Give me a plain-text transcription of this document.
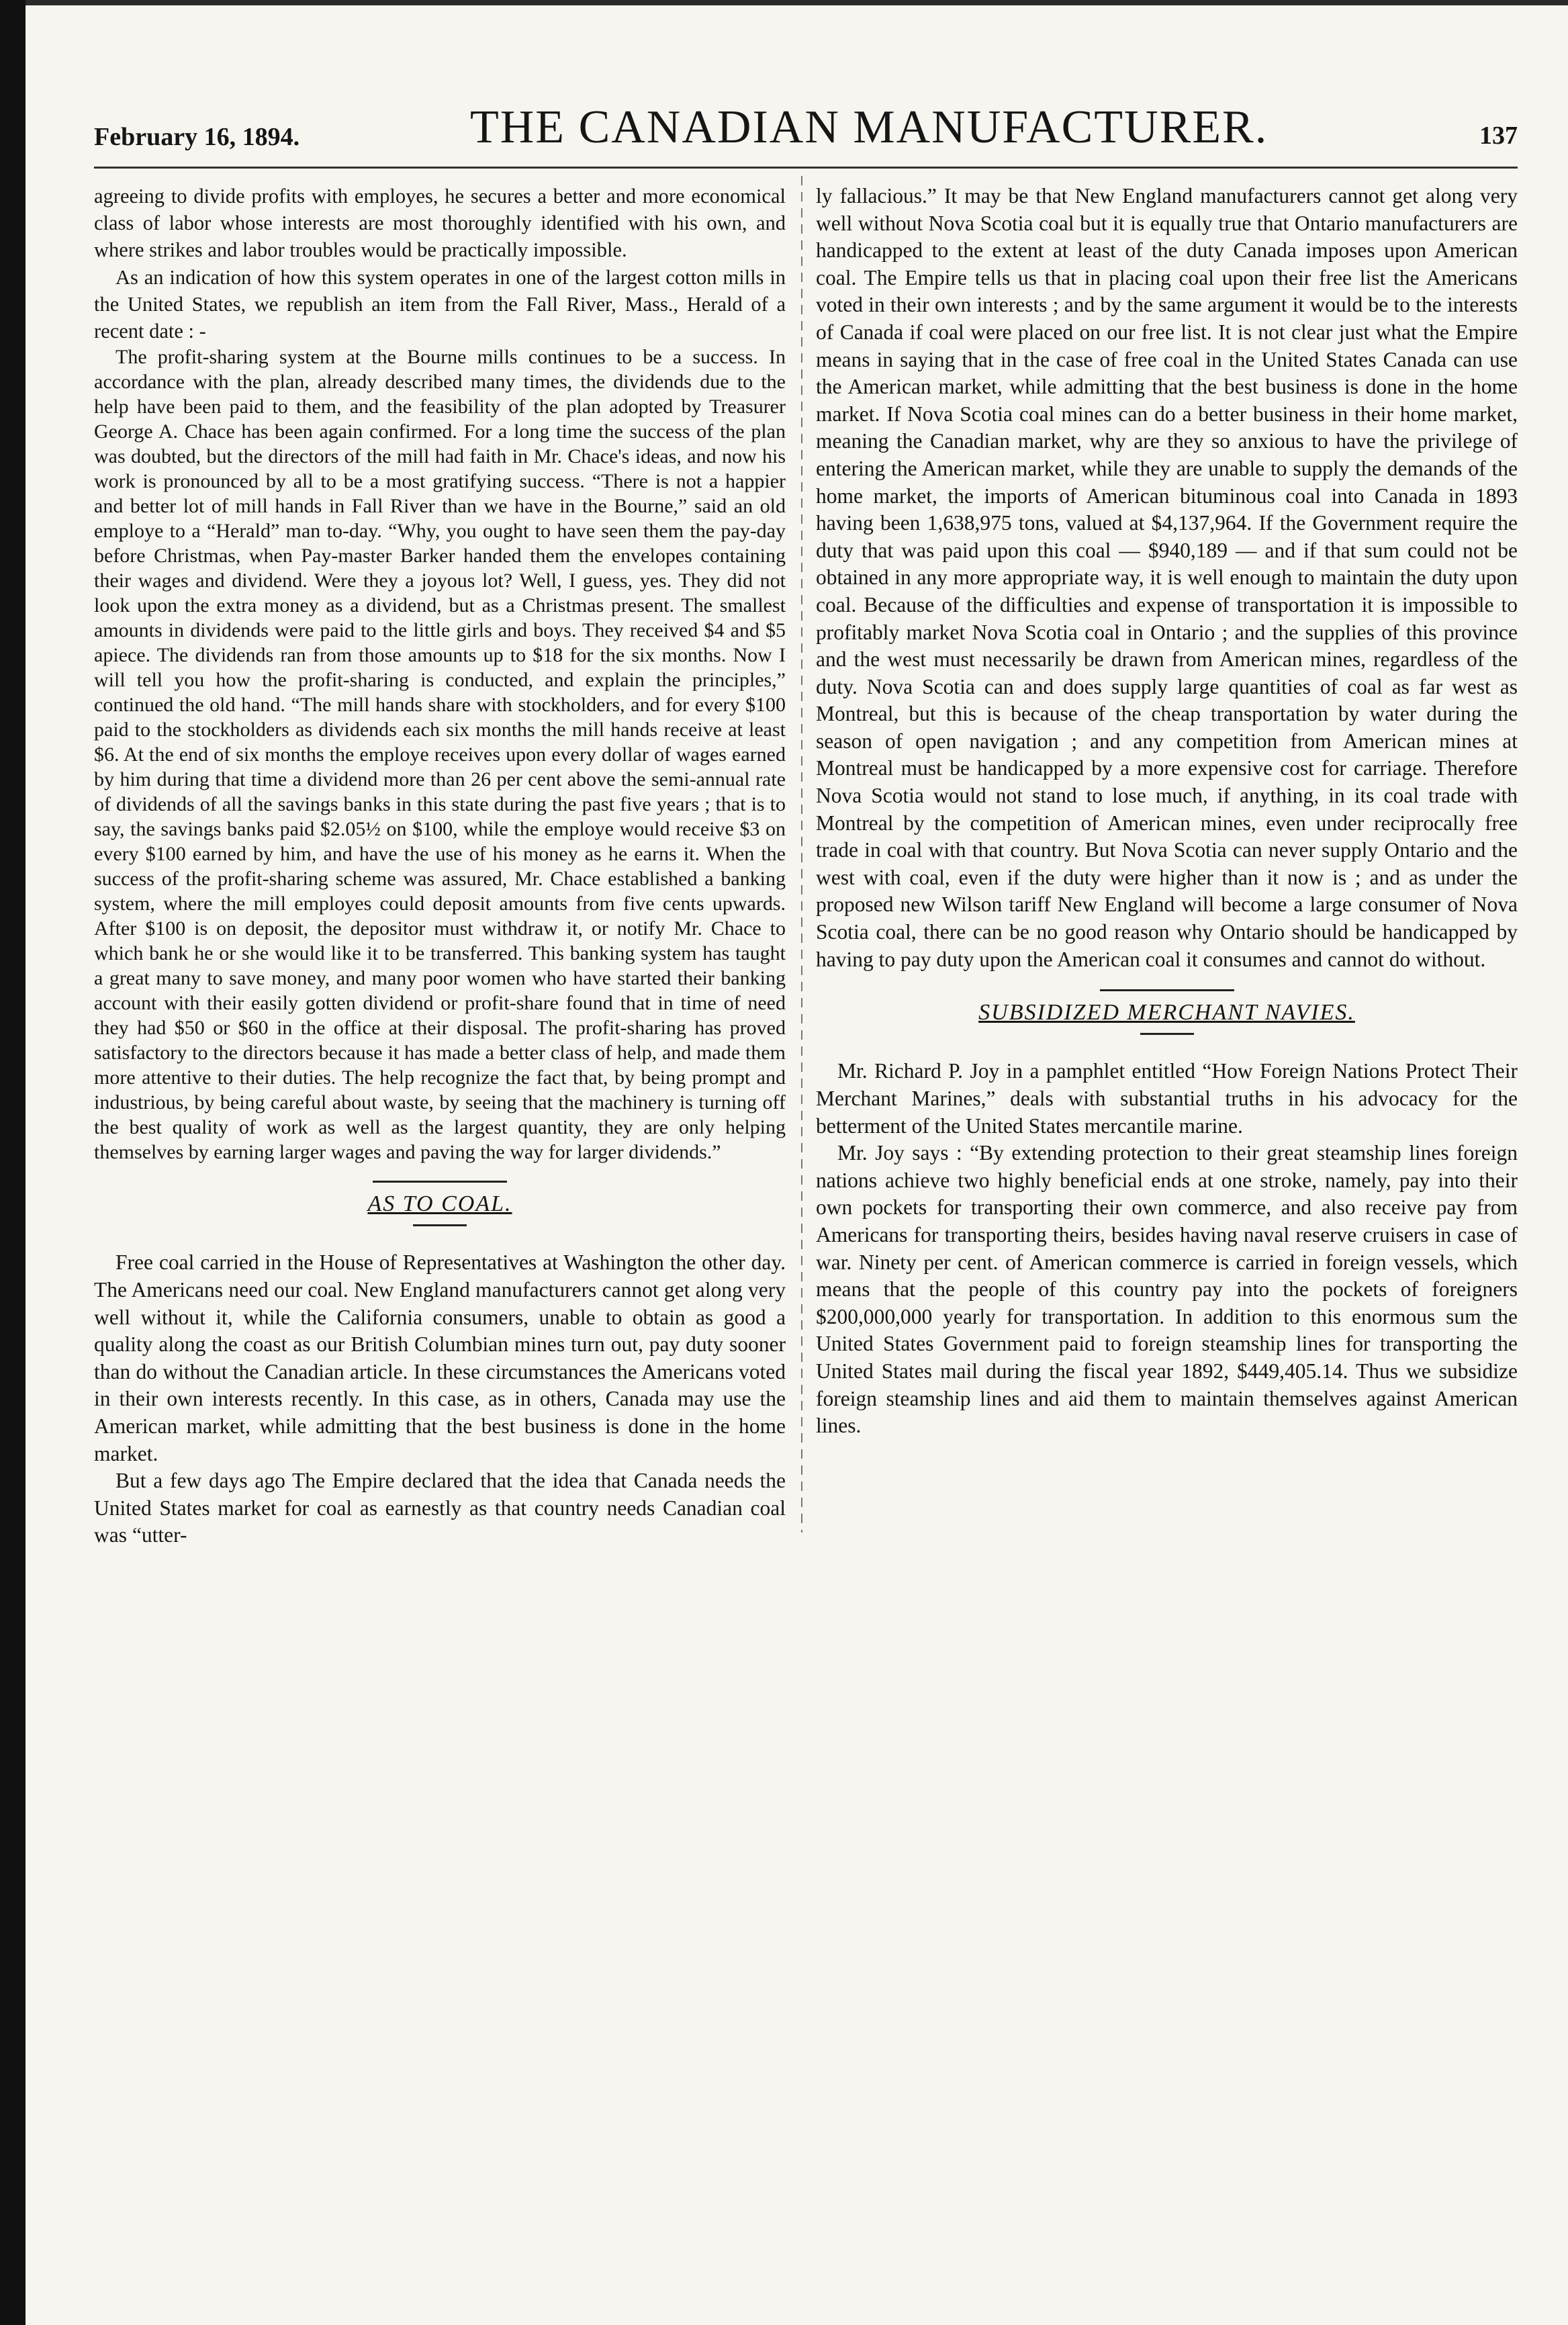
February 16, 1894.	THE CANADIAN MANUFACTURER.	137

agreeing to divide profits with employes, he secures a better and more economical class of labor whose interests are most thoroughly identified with his own, and where strikes and labor troubles would be practically impossible.

As an indication of how this system operates in one of the largest cotton mills in the United States, we republish an item from the Fall River, Mass., Herald of a recent date : -

The profit-sharing system at the Bourne mills continues to be a success. In accordance with the plan, already described many times, the dividends due to the help have been paid to them, and the feasibility of the plan adopted by Treasurer George A. Chace has been again confirmed. For a long time the success of the plan was doubted, but the directors of the mill had faith in Mr. Chace's ideas, and now his work is pronounced by all to be a most gratifying success. “There is not a happier and better lot of mill hands in Fall River than we have in the Bourne,” said an old employe to a “Herald” man to-day. “Why, you ought to have seen them the pay-day before Christmas, when Pay-master Barker handed them the envelopes containing their wages and dividend. Were they a joyous lot? Well, I guess, yes. They did not look upon the extra money as a dividend, but as a Christmas present. The smallest amounts in dividends were paid to the little girls and boys. They received $4 and $5 apiece. The dividends ran from those amounts up to $18 for the six months. Now I will tell you how the profit-sharing is conducted, and explain the principles,” continued the old hand. “The mill hands share with stockholders, and for every $100 paid to the stockholders as dividends each six months the mill hands receive at least $6. At the end of six months the employe receives upon every dollar of wages earned by him during that time a dividend more than 26 per cent above the semi-annual rate of dividends of all the savings banks in this state during the past five years ; that is to say, the savings banks paid $2.05½ on $100, while the employe would receive $3 on every $100 earned by him, and have the use of his money as he earns it. When the success of the profit-sharing scheme was assured, Mr. Chace established a banking system, where the mill employes could deposit amounts from five cents upwards. After $100 is on deposit, the depositor must withdraw it, or notify Mr. Chace to which bank he or she would like it to be transferred. This banking system has taught a great many to save money, and many poor women who have started their banking account with their easily gotten dividend or profit-share found that in time of need they had $50 or $60 in the office at their disposal. The profit-sharing has proved satisfactory to the directors because it has made a better class of help, and made them more attentive to their duties. The help recognize the fact that, by being prompt and industrious, by being careful about waste, by seeing that the machinery is turning off the best quality of work as well as the largest quantity, they are only helping themselves by earning larger wages and paving the way for larger dividends.”

AS TO COAL.

Free coal carried in the House of Representatives at Washington the other day. The Americans need our coal. New England manufacturers cannot get along very well without it, while the California consumers, unable to obtain as good a quality along the coast as our British Columbian mines turn out, pay duty sooner than do without the Canadian article. In these circumstances the Americans voted in their own interests recently. In this case, as in others, Canada may use the American market, while admitting that the best business is done in the home market.

But a few days ago The Empire declared that the idea that Canada needs the United States market for coal as earnestly as that country needs Canadian coal was “utter-

ly fallacious.” It may be that New England manufacturers cannot get along very well without Nova Scotia coal but it is equally true that Ontario manufacturers are handicapped to the extent at least of the duty Canada imposes upon American coal. The Empire tells us that in placing coal upon their free list the Americans voted in their own interests ; and by the same argument it would be to the interests of Canada if coal were placed on our free list. It is not clear just what the Empire means in saying that in the case of free coal in the United States Canada can use the American market, while admitting that the best business is done in the home market. If Nova Scotia coal mines can do a better business in their home market, meaning the Canadian market, why are they so anxious to have the privilege of entering the American market, while they are unable to supply the demands of the home market, the imports of American bituminous coal into Canada in 1893 having been 1,638,975 tons, valued at $4,137,964. If the Government require the duty that was paid upon this coal — $940,189 — and if that sum could not be obtained in any more appropriate way, it is well enough to maintain the duty upon coal. Because of the difficulties and expense of transportation it is impossible to profitably market Nova Scotia coal in Ontario ; and the supplies of this province and the west must necessarily be drawn from American mines, regardless of the duty. Nova Scotia can and does supply large quantities of coal as far west as Montreal, but this is because of the cheap transportation by water during the season of open navigation ; and any competition from American mines at Montreal must be handicapped by a more expensive cost for carriage. Therefore Nova Scotia would not stand to lose much, if anything, in its coal trade with Montreal by the competition of American mines, even under reciprocally free trade in coal with that country. But Nova Scotia can never supply Ontario and the west with coal, even if the duty were higher than it now is ; and as under the proposed new Wilson tariff New England will become a large consumer of Nova Scotia coal, there can be no good reason why Ontario should be handicapped by having to pay duty upon the American coal it consumes and cannot do without.

SUBSIDIZED MERCHANT NAVIES.

Mr. Richard P. Joy in a pamphlet entitled “How Foreign Nations Protect Their Merchant Marines,” deals with substantial truths in his advocacy for the betterment of the United States mercantile marine.

Mr. Joy says : “By extending protection to their great steamship lines foreign nations achieve two highly beneficial ends at one stroke, namely, pay into their own pockets for transporting their own commerce, and also receive pay from Americans for transporting theirs, besides having naval reserve cruisers in case of war. Ninety per cent. of American commerce is carried in foreign vessels, which means that the people of this country pay into the pockets of foreigners $200,000,000 yearly for transportation. In addition to this enormous sum the United States Government paid to foreign steamship lines for transporting the United States mail during the fiscal year 1892, $449,405.14. Thus we subsidize foreign steamship lines and aid them to maintain themselves against American lines.
